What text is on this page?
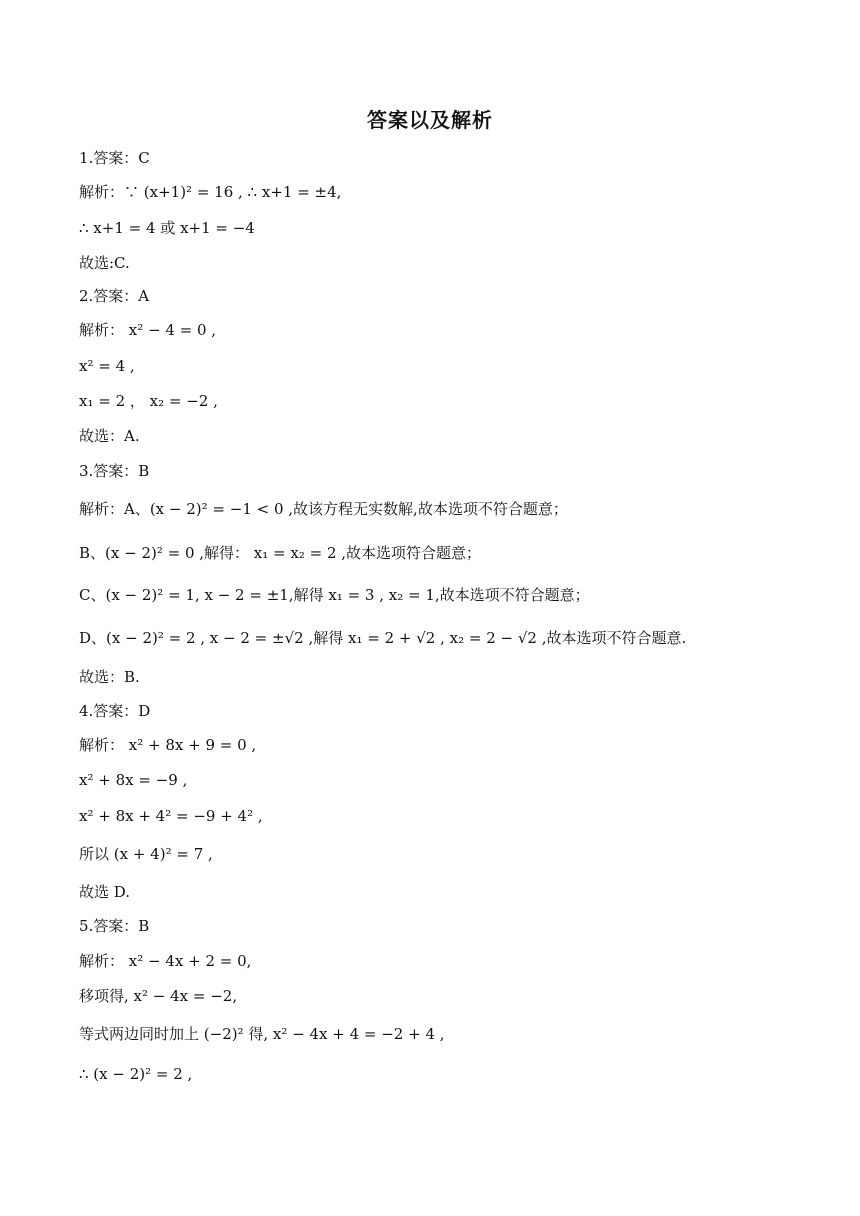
答案以及解析
1.答案：C
解析：∵ (x+1)² = 16 , ∴ x+1 = ±4,
∴ x+1 = 4 或 x+1 = −4
故选:C.
2.答案：A
解析： x² − 4 = 0 ,
x² = 4 ,
x₁ = 2 ， x₂ = −2 ,
故选：A.
3.答案：B
解析：A、(x − 2)² = −1 < 0 ,故该方程无实数解,故本选项不符合题意；
B、(x − 2)² = 0 ,解得： x₁ = x₂ = 2 ,故本选项符合题意；
C、(x − 2)² = 1, x − 2 = ±1,解得 x₁ = 3 , x₂ = 1,故本选项不符合题意；
D、(x − 2)² = 2 , x − 2 = ±√2 ,解得 x₁ = 2 + √2 , x₂ = 2 − √2 ,故本选项不符合题意.
故选：B.
4.答案：D
解析： x² + 8x + 9 = 0 ,
x² + 8x = −9 ,
x² + 8x + 4² = −9 + 4² ,
所以 (x + 4)² = 7 ,
故选 D.
5.答案：B
解析： x² − 4x + 2 = 0,
移项得, x² − 4x = −2,
等式两边同时加上 (−2)² 得, x² − 4x + 4 = −2 + 4 ,
∴ (x − 2)² = 2 ,
